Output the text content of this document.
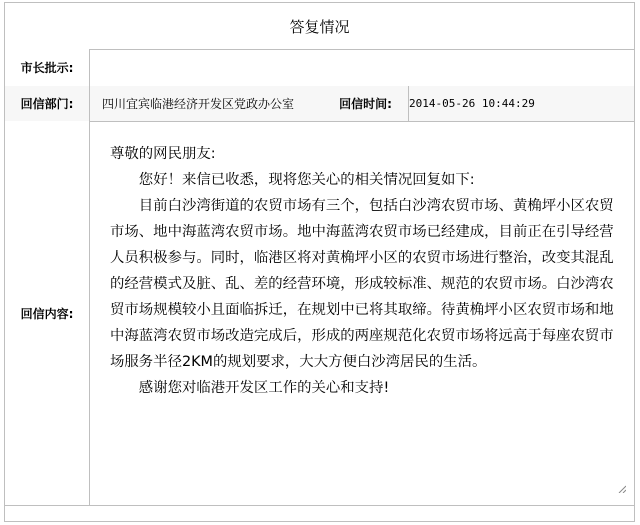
答复情况
市长批示:
回信部门:	四川宜宾临港经济开发区党政办公室	回信时间:	2014-05-26 10:44:29
回信内容:

尊敬的网民朋友:

您好！来信已收悉，现将您关心的相关情况回复如下:

目前白沙湾街道的农贸市场有三个，包括白沙湾农贸市场、黄桷坪小区农贸市场、地中海蓝湾农贸市场。地中海蓝湾农贸市场已经建成，目前正在引导经营人员积极参与。同时，临港区将对黄桷坪小区的农贸市场进行整治，改变其混乱的经营模式及脏、乱、差的经营环境，形成较标准、规范的农贸市场。白沙湾农贸市场规模较小且面临拆迁，在规划中已将其取缔。待黄桷坪小区农贸市场和地中海蓝湾农贸市场改造完成后，形成的两座规范化农贸市场将远高于每座农贸市场服务半径2KM的规划要求，大大方便白沙湾居民的生活。

感谢您对临港开发区工作的关心和支持!
